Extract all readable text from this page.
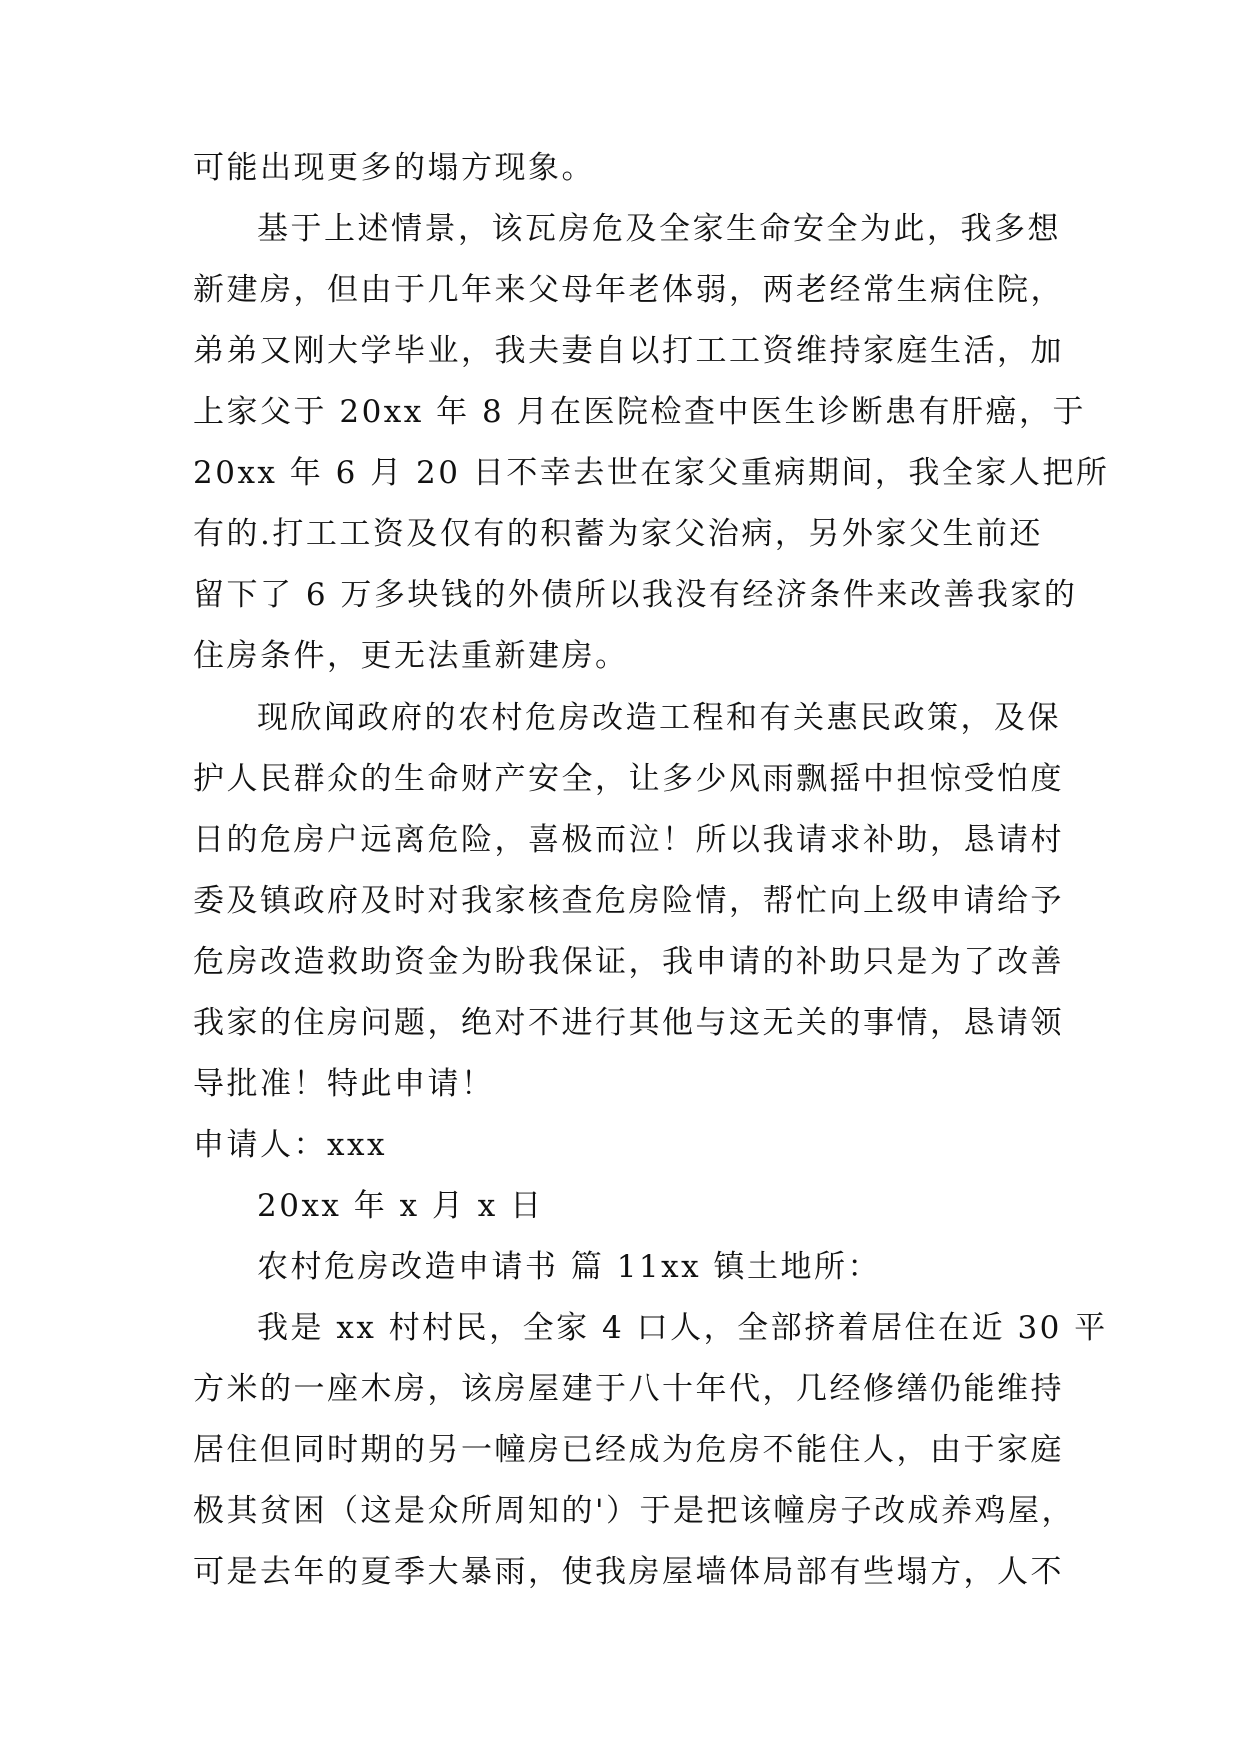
可能出现更多的塌方现象。
基于上述情景，该瓦房危及全家生命安全为此，我多想
新建房，但由于几年来父母年老体弱，两老经常生病住院，
弟弟又刚大学毕业，我夫妻自以打工工资维持家庭生活，加
上家父于 20xx 年 8 月在医院检查中医生诊断患有肝癌，于
20xx 年 6 月 20 日不幸去世在家父重病期间，我全家人把所
有的.打工工资及仅有的积蓄为家父治病，另外家父生前还
留下了 6 万多块钱的外债所以我没有经济条件来改善我家的
住房条件，更无法重新建房。
现欣闻政府的农村危房改造工程和有关惠民政策，及保
护人民群众的生命财产安全，让多少风雨飘摇中担惊受怕度
日的危房户远离危险，喜极而泣！所以我请求补助，恳请村
委及镇政府及时对我家核查危房险情，帮忙向上级申请给予
危房改造救助资金为盼我保证，我申请的补助只是为了改善
我家的住房问题，绝对不进行其他与这无关的事情，恳请领
导批准！特此申请！
申请人：xxx
20xx 年 x 月 x 日
农村危房改造申请书 篇 11xx 镇土地所：
我是 xx 村村民，全家 4 口人，全部挤着居住在近 30 平
方米的一座木房，该房屋建于八十年代，几经修缮仍能维持
居住但同时期的另一幢房已经成为危房不能住人，由于家庭
极其贫困（这是众所周知的'）于是把该幢房子改成养鸡屋，
可是去年的夏季大暴雨，使我房屋墙体局部有些塌方，人不
